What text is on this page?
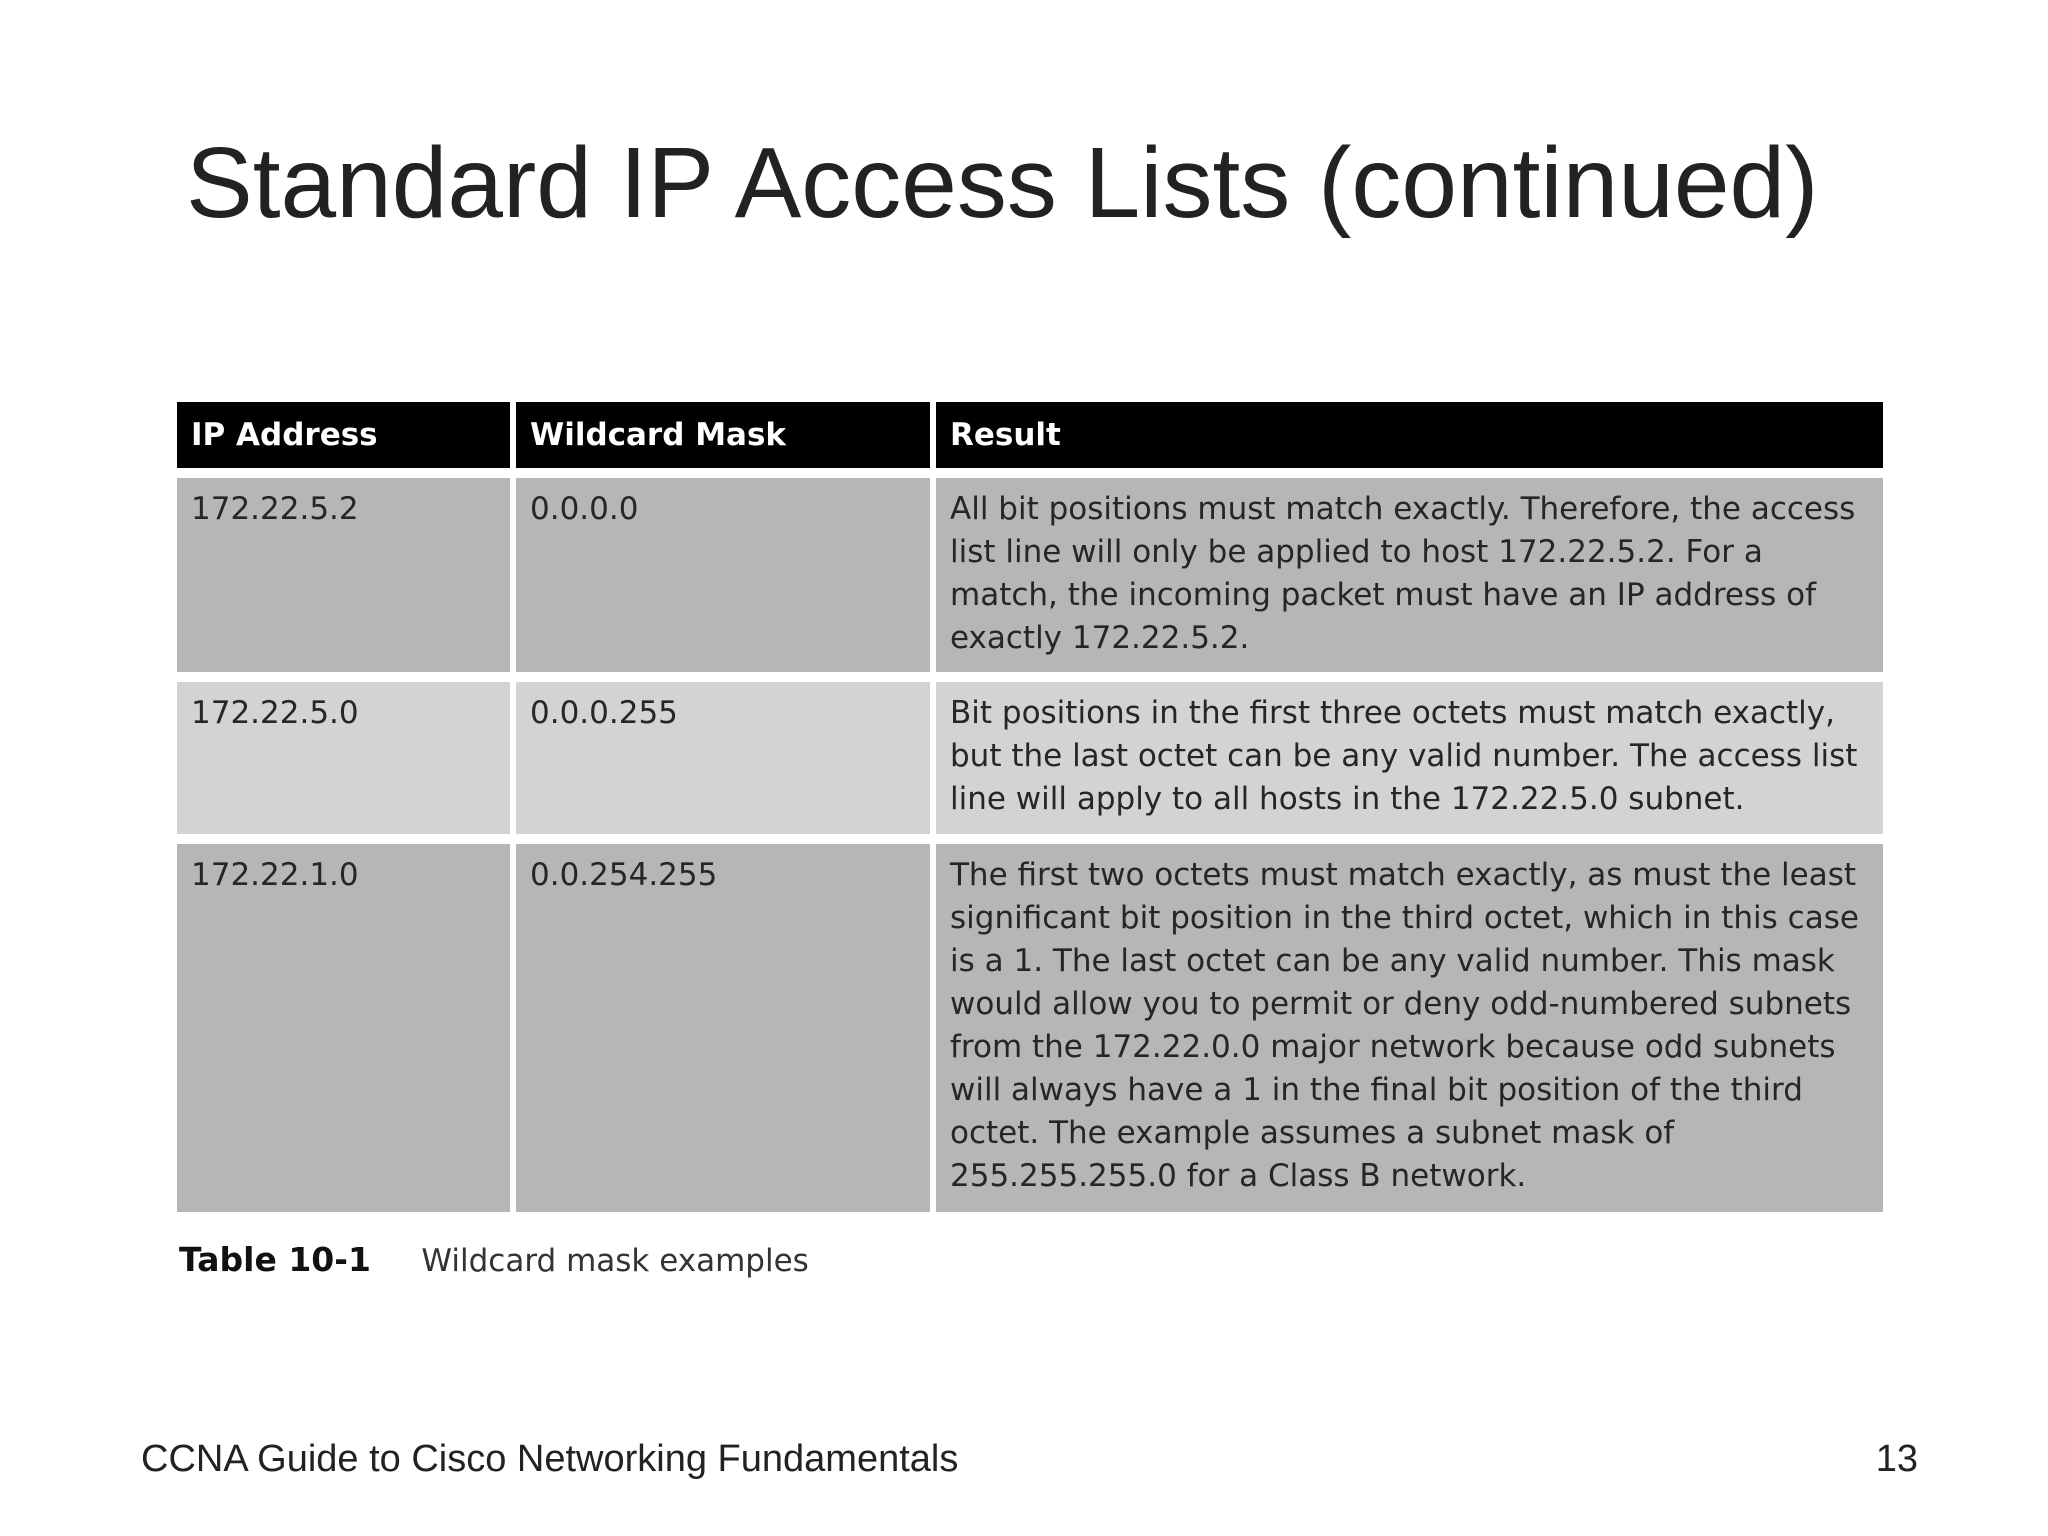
Standard IP Access Lists (continued)
IP Address	Wildcard Mask	Result
172.22.5.2	0.0.0.0	All bit positions must match exactly. Therefore, the access list line will only be applied to host 172.22.5.2. For a match, the incoming packet must have an IP address of exactly 172.22.5.2.
172.22.5.0	0.0.0.255	Bit positions in the first three octets must match exactly, but the last octet can be any valid number. The access list line will apply to all hosts in the 172.22.5.0 subnet.
172.22.1.0	0.0.254.255	The first two octets must match exactly, as must the least significant bit position in the third octet, which in this case is a 1. The last octet can be any valid number. This mask would allow you to permit or deny odd-numbered subnets from the 172.22.0.0 major network because odd subnets will always have a 1 in the final bit position of the third octet. The example assumes a subnet mask of 255.255.255.0 for a Class B network.
Table 10-1 Wildcard mask examples
CCNA Guide to Cisco Networking Fundamentals	13
